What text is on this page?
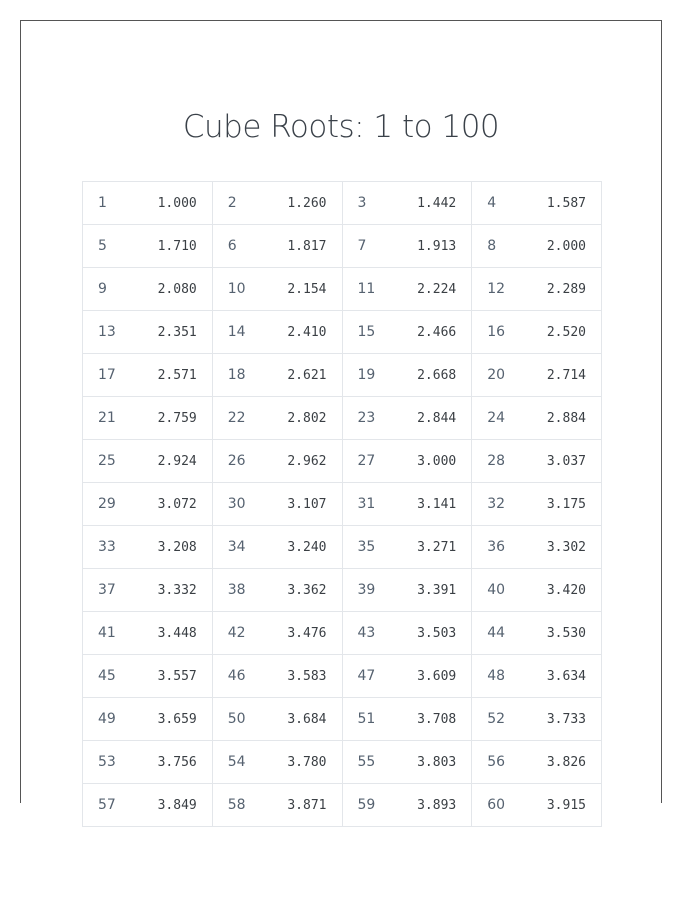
Cube Roots: 1 to 100
1 1.000	2 1.260	3 1.442	4 1.587

5 1.710	6 1.817	7 1.913	8 2.000

9 2.080	10 2.154	11 2.224	12 2.289

13 2.351	14 2.410	15 2.466	16 2.520

17 2.571	18 2.621	19 2.668	20 2.714

21 2.759	22 2.802	23 2.844	24 2.884

25 2.924	26 2.962	27 3.000	28 3.037

29 3.072	30 3.107	31 3.141	32 3.175

33 3.208	34 3.240	35 3.271	36 3.302

37 3.332	38 3.362	39 3.391	40 3.420

41 3.448	42 3.476	43 3.503	44 3.530

45 3.557	46 3.583	47 3.609	48 3.634

49 3.659	50 3.684	51 3.708	52 3.733

53 3.756	54 3.780	55 3.803	56 3.826

57 3.849	58 3.871	59 3.893	60 3.915
